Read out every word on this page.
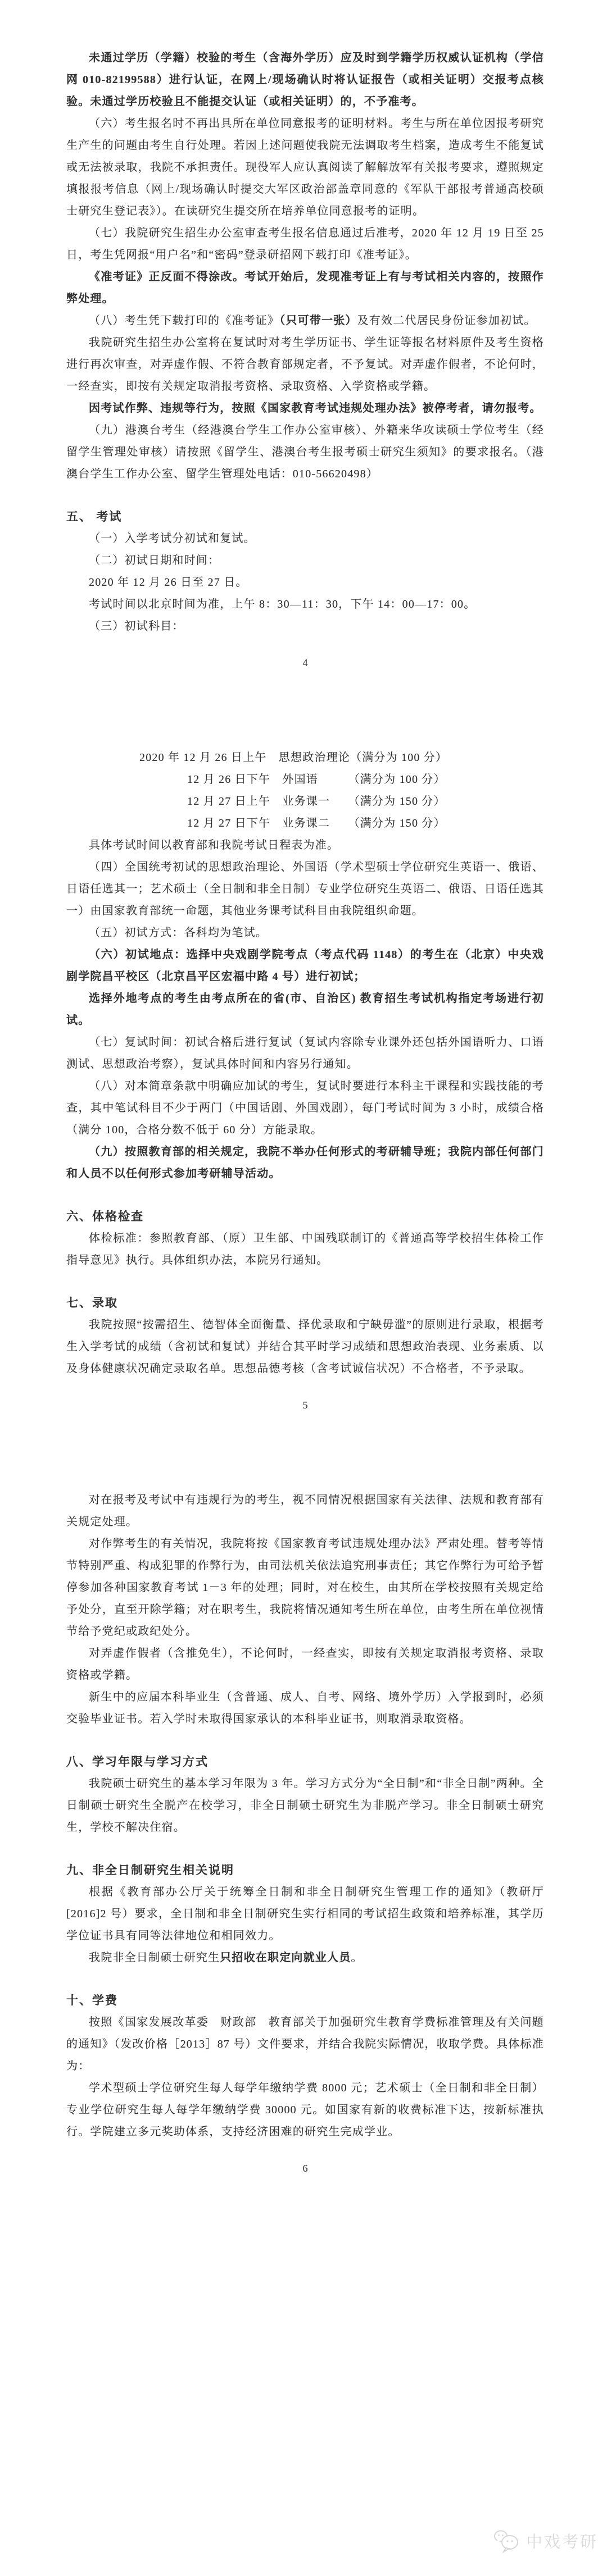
未通过学历（学籍）校验的考生（含海外学历）应及时到学籍学历权威认证机构（学信网 010-82199588）进行认证，在网上/现场确认时将认证报告（或相关证明）交报考点核验。未通过学历校验且不能提交认证（或相关证明）的，不予准考。

（六）考生报名时不再出具所在单位同意报考的证明材料。考生与所在单位因报考研究生产生的问题由考生自行处理。若因上述问题使我院无法调取考生档案，造成考生不能复试或无法被录取，我院不承担责任。现役军人应认真阅读了解解放军有关报考要求，遵照规定填报报考信息（网上/现场确认时提交大军区政治部盖章同意的《军队干部报考普通高校硕士研究生登记表》）。在读研究生提交所在培养单位同意报考的证明。

（七）我院研究生招生办公室审查考生报名信息通过后准考，2020 年 12 月 19 日至 25 日，考生凭网报“用户名”和“密码”登录研招网下载打印《准考证》。

《准考证》正反面不得涂改。考试开始后，发现准考证上有与考试相关内容的，按照作弊处理。

（八）考生凭下载打印的《准考证》（只可带一张）及有效二代居民身份证参加初试。

我院研究生招生办公室将在复试时对考生学历证书、学生证等报名材料原件及考生资格进行再次审查，对弄虚作假、不符合教育部规定者，不予复试。对弄虚作假者，不论何时，一经查实，即按有关规定取消报考资格、录取资格、入学资格或学籍。

因考试作弊、违规等行为，按照《国家教育考试违规处理办法》被停考者，请勿报考。

（九）港澳台考生（经港澳台学生工作办公室审核）、外籍来华攻读硕士学位考生（经留学生管理处审核）请按照《留学生、港澳台考生报考硕士研究生须知》的要求报名。（港澳台学生工作办公室、留学生管理处电话：010-56620498）

五、 考试

（一）入学考试分初试和复试。

（二）初试日期和时间：

2020 年 12 月 26 日至 27 日。

考试时间以北京时间为准，上午 8：30—11：30，下午 14：00—17：00。

（三）初试科目：

4

2020 年 12 月 26 日上午　思想政治理论（满分为 100 分）

12 月 26 日下午　外国语　　　（满分为 100 分）

12 月 27 日上午　业务课一　　（满分为 150 分）

12 月 27 日下午　业务课二　　（满分为 150 分）

具体考试时间以教育部和我院考试日程表为准。

（四）全国统考初试的思想政治理论、外国语（学术型硕士学位研究生英语一、俄语、日语任选其一；艺术硕士（全日制和非全日制）专业学位研究生英语二、俄语、日语任选其一）由国家教育部统一命题，其他业务课考试科目由我院组织命题。

（五）初试方式：各科均为笔试。

（六）初试地点：选择中央戏剧学院考点（考点代码 1148）的考生在（北京）中央戏剧学院昌平校区（北京昌平区宏福中路 4 号）进行初试；

选择外地考点的考生由考点所在的省(市、自治区) 教育招生考试机构指定考场进行初试。

（七）复试时间：初试合格后进行复试（复试内容除专业课外还包括外国语听力、口语测试、思想政治考察），复试具体时间和内容另行通知。

（八）对本简章条款中明确应加试的考生，复试时要进行本科主干课程和实践技能的考查，其中笔试科目不少于两门（中国话剧、外国戏剧），每门考试时间为 3 小时，成绩合格（满分 100，合格分数不低于 60 分）方能录取。

（九）按照教育部的相关规定，我院不举办任何形式的考研辅导班；我院内部任何部门和人员不以任何形式参加考研辅导活动。

六、体格检查

体检标准：参照教育部、（原）卫生部、中国残联制订的《普通高等学校招生体检工作指导意见》执行。具体组织办法，本院另行通知。

七、录取

我院按照“按需招生、德智体全面衡量、择优录取和宁缺毋滥”的原则进行录取，根据考生入学考试的成绩（含初试和复试）并结合其平时学习成绩和思想政治表现、业务素质、以及身体健康状况确定录取名单。思想品德考核（含考试诚信状况）不合格者，不予录取。

5

对在报考及考试中有违规行为的考生，视不同情况根据国家有关法律、法规和教育部有关规定处理。

对作弊考生的有关情况，我院将按《国家教育考试违规处理办法》严肃处理。替考等情节特别严重、构成犯罪的作弊行为，由司法机关依法追究刑事责任；其它作弊行为可给予暂停参加各种国家教育考试 1－3 年的处理；同时，对在校生，由其所在学校按照有关规定给予处分，直至开除学籍；对在职考生，我院将情况通知考生所在单位，由考生所在单位视情节给予党纪或政纪处分。

对弄虚作假者（含推免生），不论何时，一经查实，即按有关规定取消报考资格、录取资格或学籍。

新生中的应届本科毕业生（含普通、成人、自考、网络、境外学历）入学报到时，必须交验毕业证书。若入学时未取得国家承认的本科毕业证书，则取消录取资格。

八、学习年限与学习方式

我院硕士研究生的基本学习年限为 3 年。学习方式分为“全日制”和“非全日制”两种。全日制硕士研究生全脱产在校学习，非全日制硕士研究生为非脱产学习。非全日制硕士研究生，学校不解决住宿。

九、非全日制研究生相关说明

根据《教育部办公厅关于统筹全日制和非全日制研究生管理工作的通知》（教研厅[2016]2 号）要求，全日制和非全日制研究生实行相同的考试招生政策和培养标准，其学历学位证书具有同等法律地位和相同效力。

我院非全日制硕士研究生只招收在职定向就业人员。

十、学费

按照《国家发展改革委　财政部　教育部关于加强研究生教育学费标准管理及有关问题的通知》（发改价格［2013］87 号）文件要求，并结合我院实际情况，收取学费。具体标准为：

学术型硕士学位研究生每人每学年缴纳学费 8000 元；艺术硕士（全日制和非全日制）专业学位研究生每人每学年缴纳学费 30000 元。如国家有新的收费标准下达，按新标准执行。学院建立多元奖助体系，支持经济困难的研究生完成学业。

6
中戏考研
